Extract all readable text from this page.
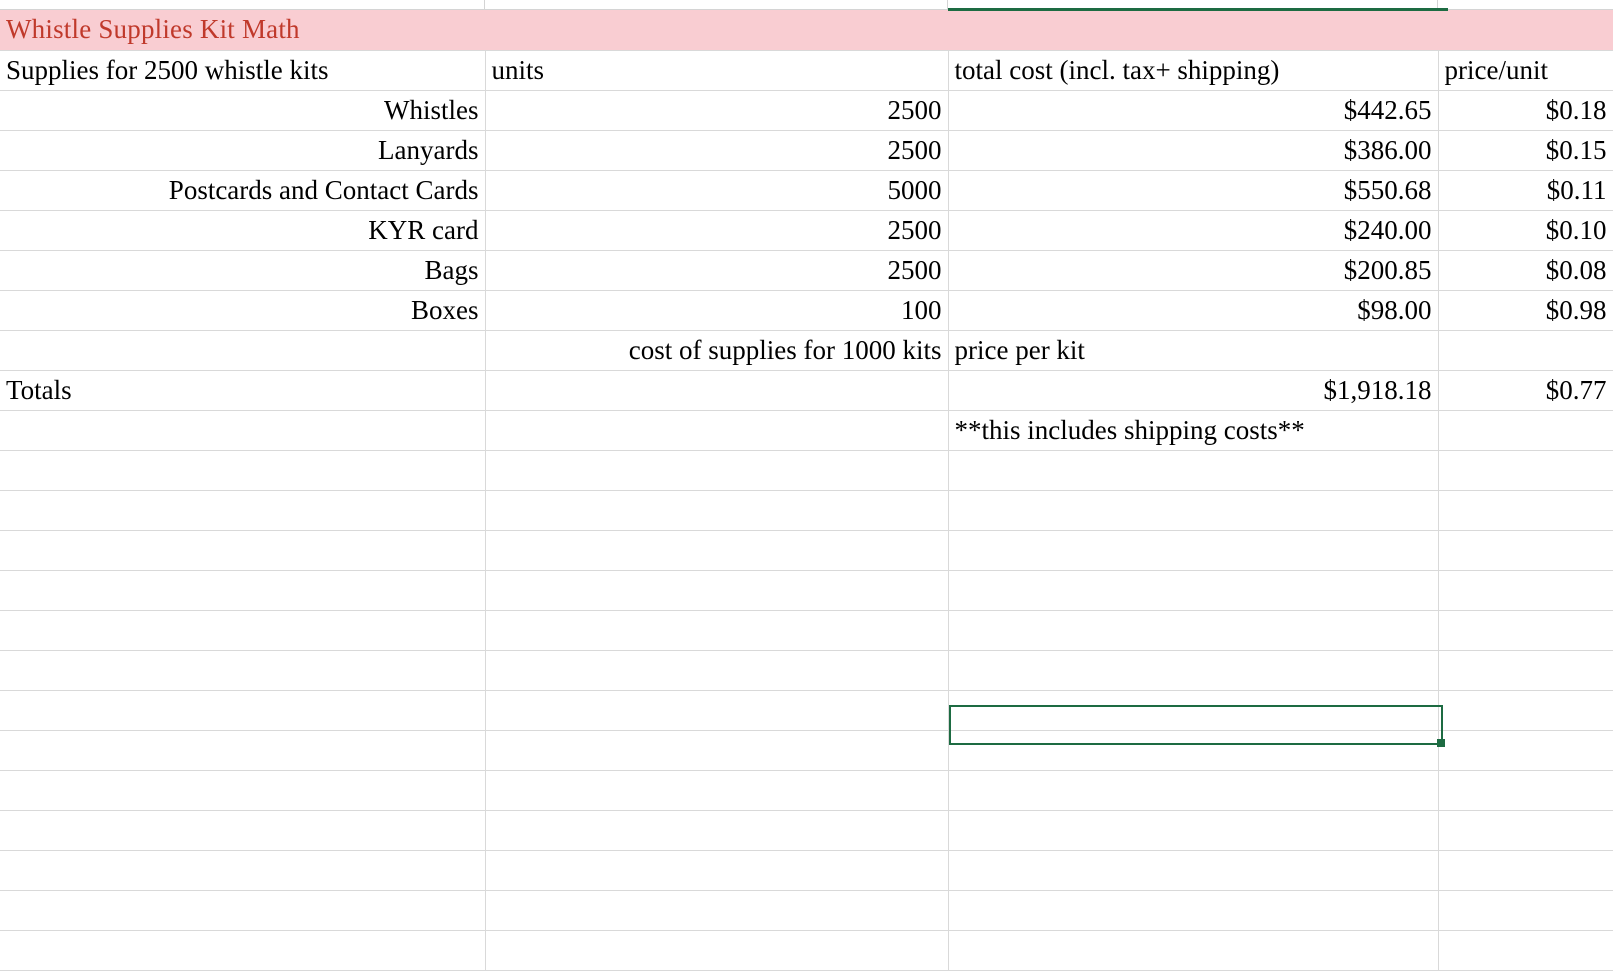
Whistle Supplies Kit Math			
Supplies for 2500 whistle kits	units	total cost (incl. tax+ shipping)	price/unit
Whistles	2500	$442.65	$0.18
Lanyards	2500	$386.00	$0.15
Postcards and Contact Cards	5000	$550.68	$0.11
KYR card	2500	$240.00	$0.10
Bags	2500	$200.85	$0.08
Boxes	100	$98.00	$0.98
	cost of supplies for 1000 kits	price per kit	
Totals		$1,918.18	$0.77
		**this includes shipping costs**	
